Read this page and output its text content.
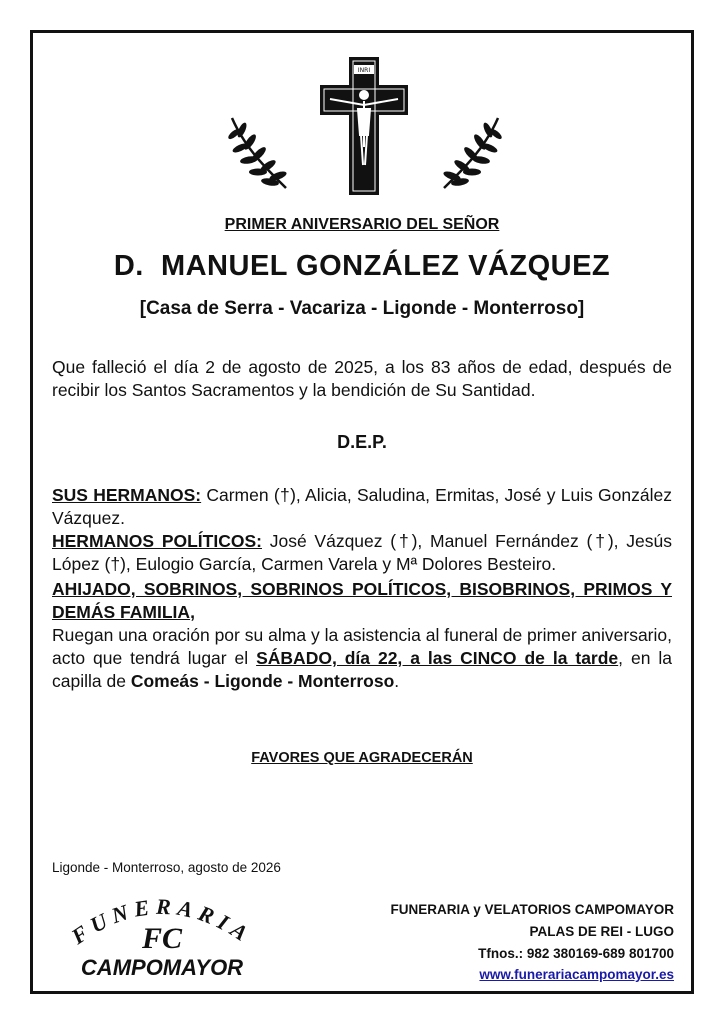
INRI
PRIMER ANIVERSARIO DEL SEÑOR
D.  MANUEL GONZÁLEZ VÁZQUEZ
[Casa de Serra - Vacariza - Ligonde - Monterroso]
Que falleció el día 2 de agosto de 2025, a los 83 años de edad, después de recibir los Santos Sacramentos y la bendición de Su Santidad.
D.E.P.
SUS HERMANOS: Carmen (†), Alicia, Saludina, Ermitas, José y Luis González Vázquez.
HERMANOS POLÍTICOS: José Vázquez (†), Manuel Fernández (†), Jesús López (†), Eulogio García, Carmen Varela y Mª Dolores Besteiro.
AHIJADO, SOBRINOS, SOBRINOS POLÍTICOS, BISOBRINOS, PRIMOS Y DEMÁS FAMILIA,
Ruegan una oración por su alma y la asistencia al funeral de primer aniversario, acto que tendrá lugar el SÁBADO, día 22, a las CINCO de la tarde, en la capilla de Comeás - Ligonde - Monterroso.
FAVORES QUE AGRADECERÁN
Ligonde - Monterroso, agosto de 2026
FUNERARIA
FC
CAMPOMAYOR
FUNERARIA y VELATORIOS CAMPOMAYOR
PALAS DE REI - LUGO
Tfnos.: 982 380169-689 801700
www.funerariacampomayor.es
